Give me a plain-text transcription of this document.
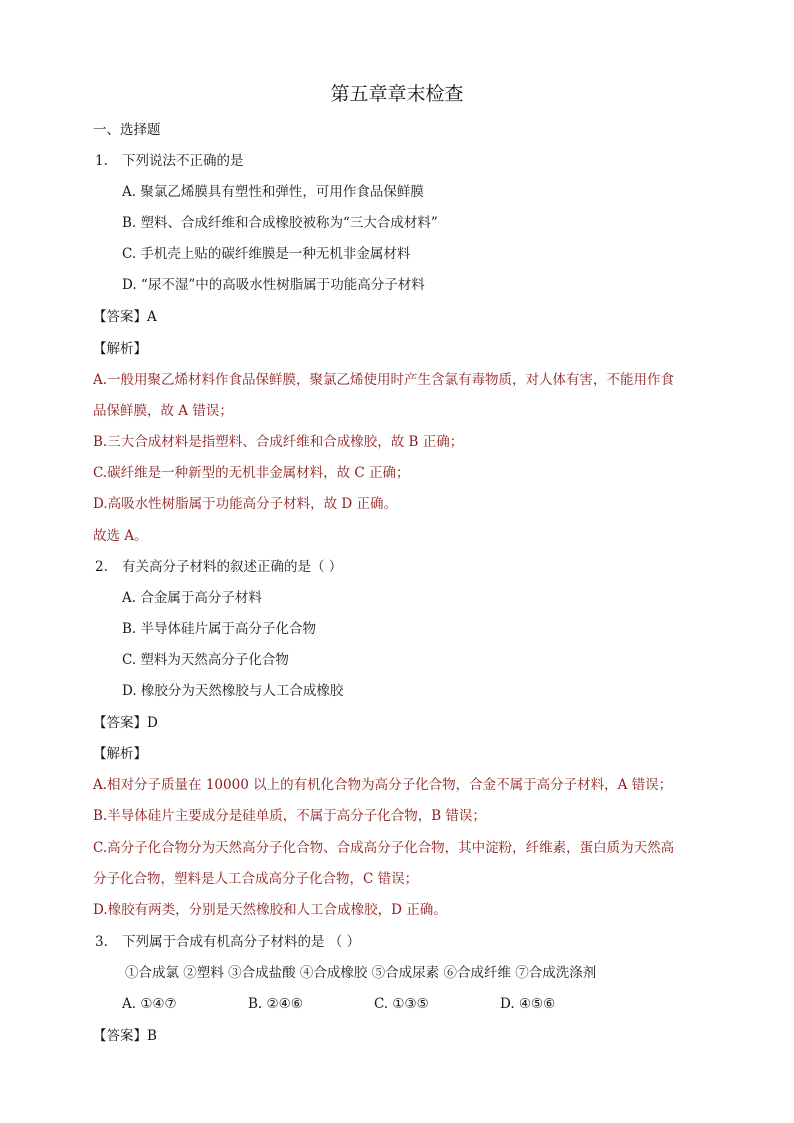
第五章章末检查
一、选择题
1. 下列说法不正确的是
A. 聚氯乙烯膜具有塑性和弹性，可用作食品保鲜膜
B. 塑料、合成纤维和合成橡胶被称为“三大合成材料”
C. 手机壳上贴的碳纤维膜是一种无机非金属材料
D. “尿不湿”中的高吸水性树脂属于功能高分子材料
【答案】A
【解析】
A.一般用聚乙烯材料作食品保鲜膜，聚氯乙烯使用时产生含氯有毒物质，对人体有害，不能用作食
品保鲜膜，故 A 错误；
B.三大合成材料是指塑料、合成纤维和合成橡胶，故 B 正确；
C.碳纤维是一种新型的无机非金属材料，故 C 正确；
D.高吸水性树脂属于功能高分子材料，故 D 正确。
故选 A。
2. 有关高分子材料的叙述正确的是（ ）
A. 合金属于高分子材料
B. 半导体硅片属于高分子化合物
C. 塑料为天然高分子化合物
D. 橡胶分为天然橡胶与人工合成橡胶
【答案】D
【解析】
A.相对分子质量在 10000 以上的有机化合物为高分子化合物，合金不属于高分子材料，A 错误；
B.半导体硅片主要成分是硅单质，不属于高分子化合物，B 错误；
C.高分子化合物分为天然高分子化合物、合成高分子化合物，其中淀粉，纤维素，蛋白质为天然高
分子化合物，塑料是人工合成高分子化合物，C 错误；
D.橡胶有两类，分别是天然橡胶和人工合成橡胶，D 正确。
3. 下列属于合成有机高分子材料的是 （ ）
①合成氯 ②塑料 ③合成盐酸 ④合成橡胶 ⑤合成尿素 ⑥合成纤维 ⑦合成洗涤剂
A. ①④⑦	B. ②④⑥	C. ①③⑤	D. ④⑤⑥
【答案】B
